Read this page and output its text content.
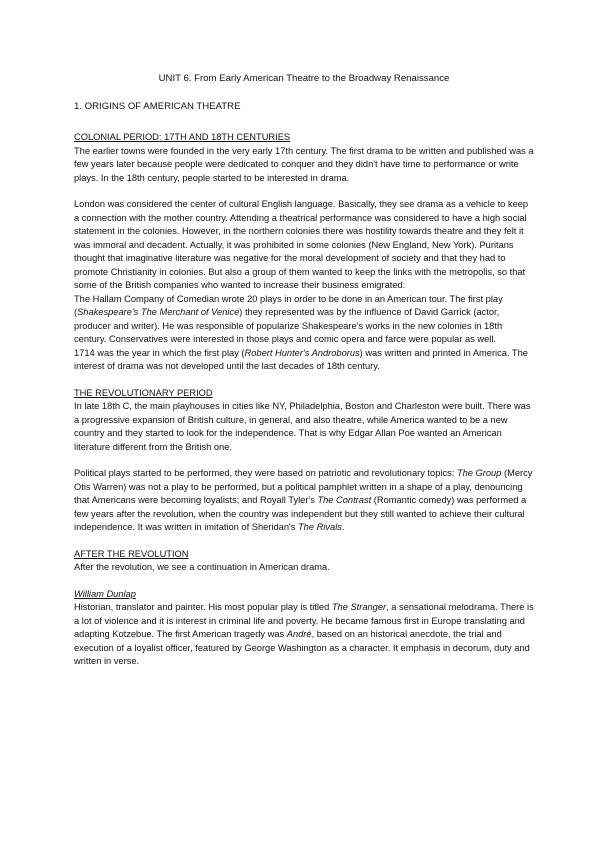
UNIT 6. From Early American Theatre to the Broadway Renaissance

1. ORIGINS OF AMERICAN THEATRE

COLONIAL PERIOD: 17TH AND 18TH CENTURIES

The earlier towns were founded in the very early 17th century. The first drama to be written and published was a few years later because people were dedicated to conquer and they didn't have time to performance or write plays. In the 18th century, people started to be interested in drama.

London was considered the center of cultural English language. Basically, they see drama as a vehicle to keep a connection with the mother country. Attending a theatrical performance was considered to have a high social statement in the colonies. However, in the northern colonies there was hostility towards theatre and they felt it was immoral and decadent. Actually, it was prohibited in some colonies (New England, New York). Puritans thought that imaginative literature was negative for the moral development of society and that they had to promote Christianity in colonies. But also a group of them wanted to keep the links with the metropolis, so that some of the British companies who wanted to increase their business emigrated.

The Hallam Company of Comedian wrote 20 plays in order to be done in an American tour. The first play (Shakespeare's The Merchant of Venice) they represented was by the influence of David Garrick (actor, producer and writer). He was responsible of popularize Shakespeare's works in the new colonies in 18th century. Conservatives were interested in those plays and comic opera and farce were popular as well.

1714 was the year in which the first play (Robert Hunter's Androborus) was written and printed in America. The interest of drama was not developed until the last decades of 18th century.

THE REVOLUTIONARY PERIOD

In late 18th C, the main playhouses in cities like NY, Philadelphia, Boston and Charleston were built. There was a progressive expansion of British culture, in general, and also theatre, while America wanted to be a new country and they started to look for the independence. That is why Edgar Allan Poe wanted an American literature different from the British one.

Political plays started to be performed, they were based on patriotic and revolutionary topics: The Group (Mercy Otis Warren) was not a play to be performed, but a political pamphlet written in a shape of a play, denouncing that Americans were becoming loyalists; and Royall Tyler's The Contrast (Romantic comedy) was performed a few years after the revolution, when the country was independent but they still wanted to achieve their cultural independence. It was written in imitation of Sheridan's The Rivals.

AFTER THE REVOLUTION

After the revolution, we see a continuation in American drama.

William Dunlap

Historian, translator and painter. His most popular play is titled The Stranger, a sensational melodrama. There is a lot of violence and it is interest in criminal life and poverty. He became famous first in Europe translating and adapting Kotzebue. The first American tragedy was André, based on an historical anecdote, the trial and execution of a loyalist officer, featured by George Washington as a character. It emphasis in decorum, duty and written in verse.
